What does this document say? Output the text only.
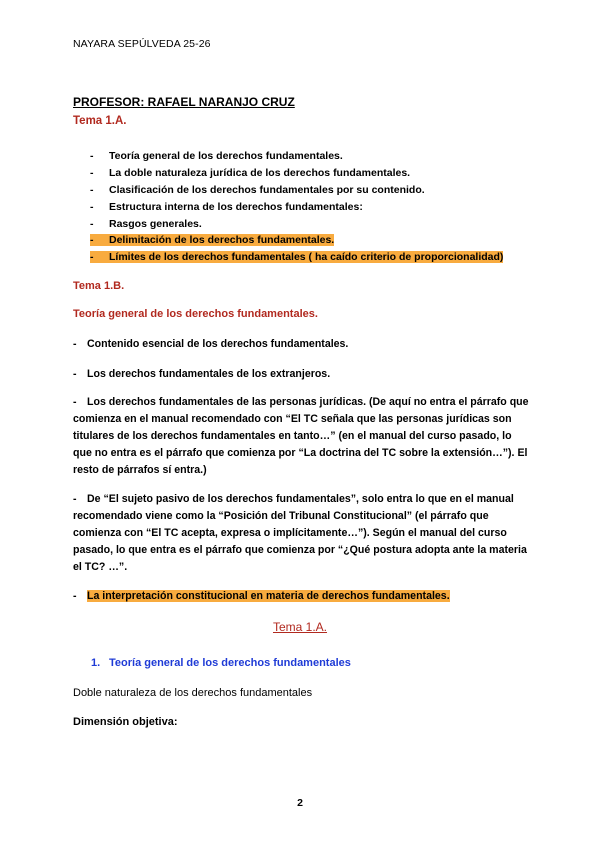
NAYARA SEPÚLVEDA 25-26
PROFESOR: RAFAEL NARANJO CRUZ
Tema 1.A.
- Teoría general de los derechos fundamentales.
- La doble naturaleza jurídica de los derechos fundamentales.
- Clasificación de los derechos fundamentales por su contenido.
- Estructura interna de los derechos fundamentales:
- Rasgos generales.
- Delimitación de los derechos fundamentales.
- Límites de los derechos fundamentales ( ha caído criterio de proporcionalidad)
Tema 1.B.
Teoría general de los derechos fundamentales.
- Contenido esencial de los derechos fundamentales.
- Los derechos fundamentales de los extranjeros.
- Los derechos fundamentales de las personas jurídicas. (De aquí no entra el párrafo que comienza en el manual recomendado con “El TC señala que las personas jurídicas son titulares de los derechos fundamentales en tanto…” (en el manual del curso pasado, lo que no entra es el párrafo que comienza por “La doctrina del TC sobre la extensión…”). El resto de párrafos sí entra.)
- De “El sujeto pasivo de los derechos fundamentales”, solo entra lo que en el manual recomendado viene como la “Posición del Tribunal Constitucional” (el párrafo que comienza con “El TC acepta, expresa o implícitamente…”). Según el manual del curso pasado, lo que entra es el párrafo que comienza por “¿Qué postura adopta ante la materia el TC? …”.
- La interpretación constitucional en materia de derechos fundamentales.
Tema 1.A.
1. Teoría general de los derechos fundamentales
Doble naturaleza de los derechos fundamentales
Dimensión objetiva:
2
